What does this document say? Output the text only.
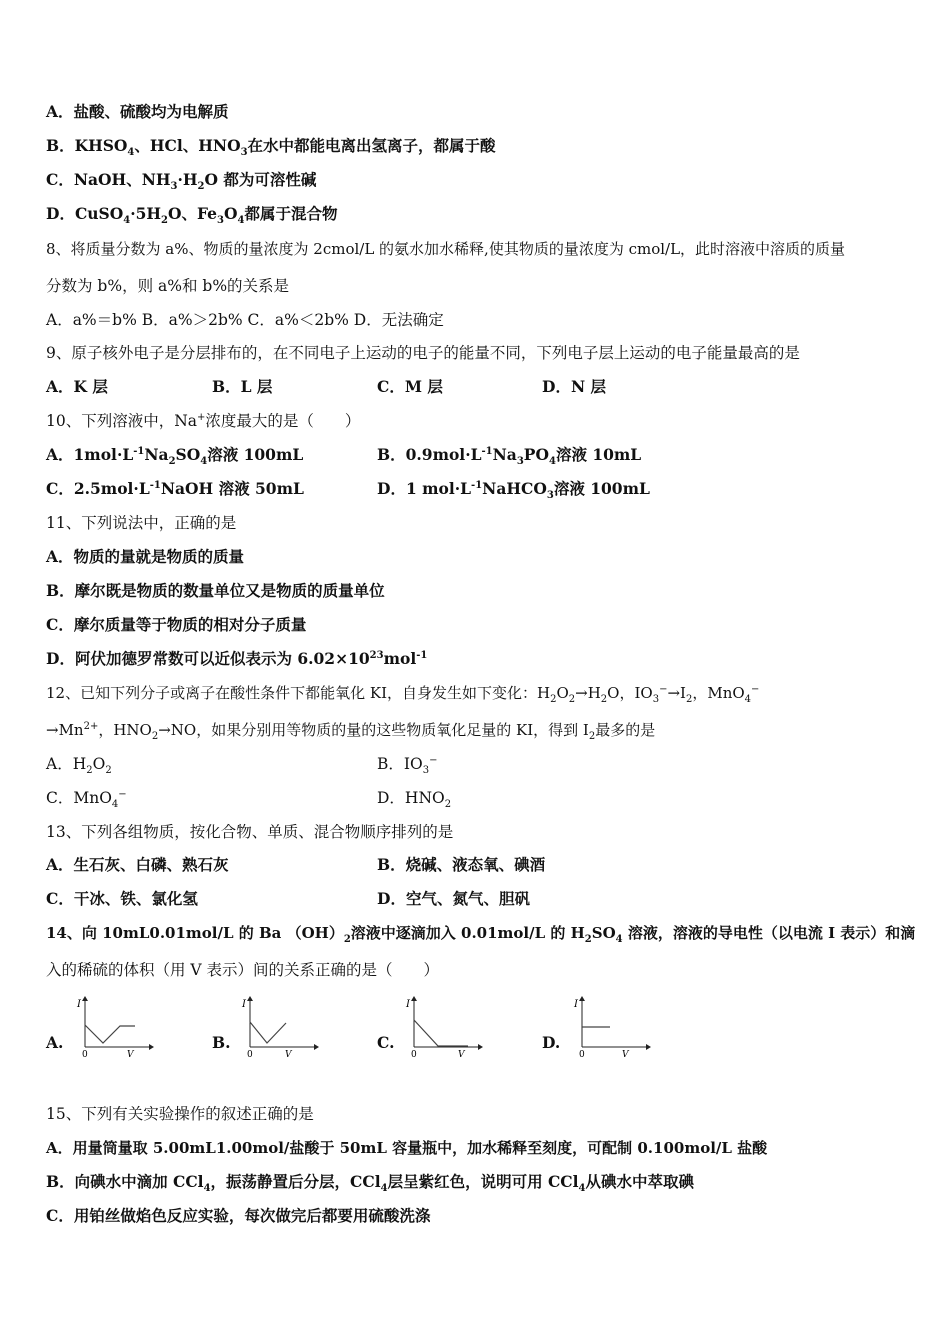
A．盐酸、硫酸均为电解质
B．$KHSO_4$、HCl、$HNO_3$在水中都能电离出氢离子，都属于酸
C．NaOH、$NH_3\cdot H_2O$ 都为可溶性碱
D．$CuSO_4\cdot 5H_2O$、$Fe_3O_4$都属于混合物
8、将质量分数为 a%、物质的量浓度为 2cmol/L 的氨水加水稀释,使其物质的量浓度为 cmol/L，此时溶液中溶质的质量
分数为 b%，则 a%和 b%的关系是
A．a%＝b% B．a%＞2b% C．a%＜2b% D．无法确定
9、原子核外电子是分层排布的，在不同电子上运动的电子的能量不同，下列电子层上运动的电子能量最高的是
A．K 层	B．L 层	C．M 层	D．N 层
10、下列溶液中，Na+浓度最大的是（　　）
A．$1mol\cdot L^{-1}Na_2SO_4$溶液 100mL	B．$0.9mol\cdot L^{-1}Na_3PO_4$溶液 10mL
C．$2.5mol\cdot L^{-1}NaOH$ 溶液 50mL	D．1 $mol\cdot L^{-1}NaHCO_3$溶液 100mL
11、下列说法中，正确的是
A．物质的量就是物质的质量
B．摩尔既是物质的数量单位又是物质的质量单位
C．摩尔质量等于物质的相对分子质量
D．阿伏加德罗常数可以近似表示为 $6.02\times 10^{23}mol^{-1}$
12、已知下列分子或离子在酸性条件下都能氧化 KI，自身发生如下变化：$H_2O_2\to H_2O$，$IO_3^-\to I_2$，MnO$_4$−
$\to Mn^{2+}$，$HNO_2\to NO$，如果分别用等物质的量的这些物质氧化足量的 KI，得到 $I_2$最多的是
A．$H_2O_2$	B．$IO_3^-$
C．MnO$_4$−	D．$HNO_2$
13、下列各组物质，按化合物、单质、混合物顺序排列的是
A．生石灰、白磷、熟石灰	B．烧碱、液态氧、碘酒
C．干冰、铁、氯化氢	D．空气、氮气、胆矾
14、向 10mL0.01mol/L 的 Ba $(OH)_2$溶液中逐滴加入 0.01mol/L 的 $H_2SO_4$ 溶液，溶液的导电性（以电流 I 表示）和滴
入的稀硫的体积（用 V 表示）间的关系正确的是（　　）
A.	B.	C.	D.
I
0	V
I
0	V
I
0	V
I
0	V
15、下列有关实验操作的叙述正确的是
A．用量筒量取 5.00mL1.00mol/盐酸于 50mL 容量瓶中，加水稀释至刻度，可配制 0.100mol/L 盐酸
B．向碘水中滴加 CCl$_4$，振荡静置后分层，CCl$_4$层呈紫红色，说明可用 CCl$_4$从碘水中萃取碘
C．用铂丝做焰色反应实验，每次做完后都要用硫酸洗涤
